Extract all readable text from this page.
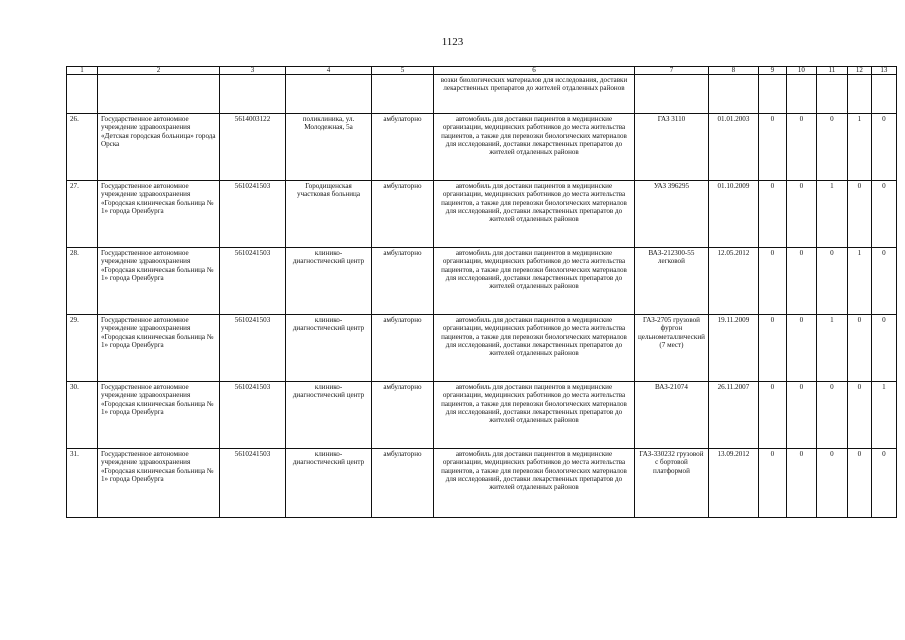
1123
1	2	3	4	5	6	7	8	9	10	11	12	13
					возки биологических материалов для исследования, доставки лекарственных препаратов до жителей отдаленных районов							
26.	Государственное автономное учреждение здравоохранения «Детская городская больница» города Орска	5614003122	поликлиника, ул. Молодежная, 5а	амбулаторно	автомобиль для доставки пациентов в медицинские организации, медицинских работников до места жительства пациентов, а также для перевозки биологических материалов для исследований, доставки лекарственных препаратов до жителей отдаленных районов	ГАЗ 3110	01.01.2003	0	0	0	1	0
27.	Государственное автономное учреждение здравоохранения «Городская клиническая больница № 1» города Оренбурга	5610241503	Городищенская участковая больница	амбулаторно	автомобиль для доставки пациентов в медицинские организации, медицинских работников до места жительства пациентов, а также для перевозки биологических материалов для исследований, доставки лекарственных препаратов до жителей отдаленных районов	УАЗ 396295	01.10.2009	0	0	1	0	0
28.	Государственное автономное учреждение здравоохранения «Городская клиническая больница № 1» города Оренбурга	5610241503	клинико-диагностический центр	амбулаторно	автомобиль для доставки пациентов в медицинские организации, медицинских работников до места жительства пациентов, а также для перевозки биологических материалов для исследований, доставки лекарственных препаратов до жителей отдаленных районов	ВАЗ-212300-55 легковой	12.05.2012	0	0	0	1	0
29.	Государственное автономное учреждение здравоохранения «Городская клиническая больница № 1» города Оренбурга	5610241503	клинико-диагностический центр	амбулаторно	автомобиль для доставки пациентов в медицинские организации, медицинских работников до места жительства пациентов, а также для перевозки биологических материалов для исследований, доставки лекарственных препаратов до жителей отдаленных районов	ГАЗ-2705 грузовой фургон цельнометаллический (7 мест)	19.11.2009	0	0	1	0	0
30.	Государственное автономное учреждение здравоохранения «Городская клиническая больница № 1» города Оренбурга	5610241503	клинико-диагностический центр	амбулаторно	автомобиль для доставки пациентов в медицинские организации, медицинских работников до места жительства пациентов, а также для перевозки биологических материалов для исследований, доставки лекарственных препаратов до жителей отдаленных районов	ВАЗ-21074	26.11.2007	0	0	0	0	1
31.	Государственное автономное учреждение здравоохранения «Городская клиническая больница № 1» города Оренбурга	5610241503	клинико-диагностический центр	амбулаторно	автомобиль для доставки пациентов в медицинские организации, медицинских работников до места жительства пациентов, а также для перевозки биологических материалов для исследований, доставки лекарственных препаратов до жителей отдаленных районов	ГАЗ-330232 грузовой с бортовой платформой	13.09.2012	0	0	0	0	0
